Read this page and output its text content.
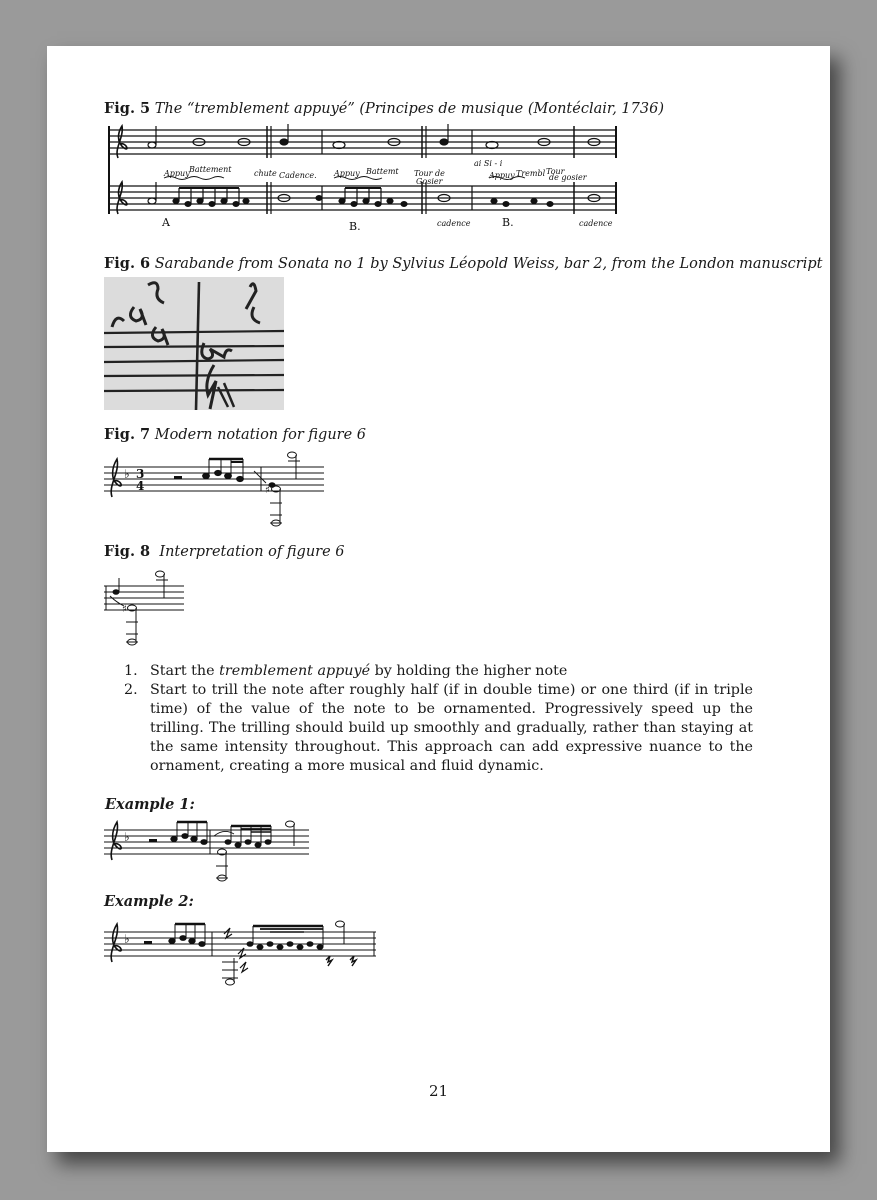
Fig. 5 The “tremblement appuyé” (Principes de musique (Montéclair, 1736)
Appuy Battement	chute Cadence. Appuy Battemt Tour de
Gosier
Appuy Trembl Tour
de gosier
ai Si - i
cadence	cadence
A	B.	B.
Fig. 6 Sarabande from Sonata no 1 by Sylvius Léopold Weiss, bar 2, from the London manuscript
Fig. 7 Modern notation for figure 6
♭ 3
4	♯
Fig. 8 Interpretation of figure 6
♯
1. Start the tremblement appuyé by holding the higher note
2. Start to trill the note after roughly half (if in double time) or one third (if in triple time) of the value of the note to be ornamented. Progressively speed up the trilling. The trilling should build up smoothly and gradually, rather than staying at the same intensity throughout. This approach can add expressive nuance to the ornament, creating a more musical and fluid dynamic.
Example 1:
♭
Example 2:
♭
21
